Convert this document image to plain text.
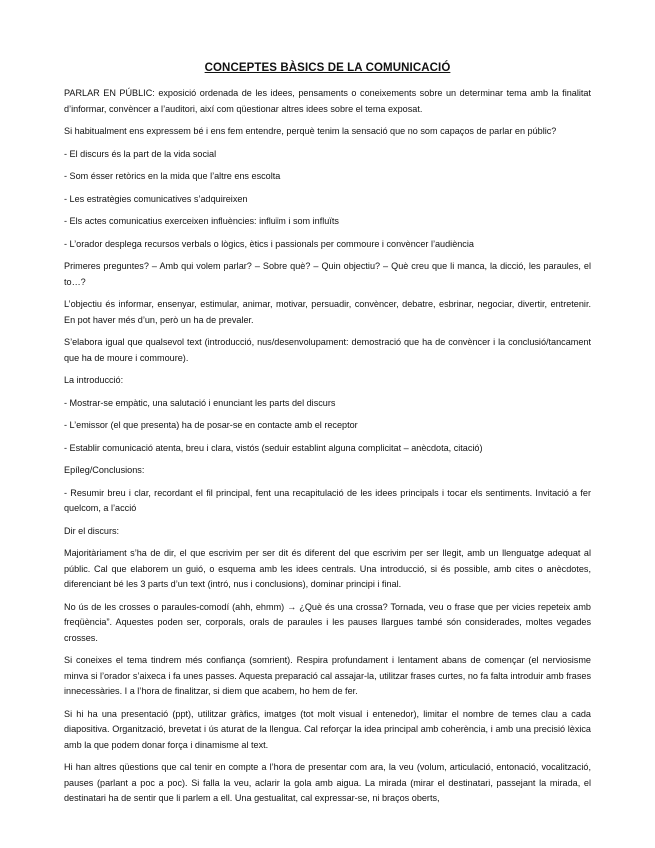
CONCEPTES BÀSICS DE LA COMUNICACIÓ
PARLAR EN PÚBLIC: exposició ordenada de les idees, pensaments o coneixements sobre un determinar tema amb la finalitat d’informar, convèncer a l’auditori, així com qüestionar altres idees sobre el tema exposat.
Si habitualment ens expressem bé i ens fem entendre, perquè tenim la sensació que no som capaços de parlar en públic?
- El discurs és la part de la vida social
- Som ésser retòrics en la mida que l’altre ens escolta
- Les estratègies comunicatives s’adquireixen
- Els actes comunicatius exerceixen influències: influïm i som influïts
- L’orador desplega recursos verbals o lògics, ètics i passionals per commoure i convèncer l’audiència
Primeres preguntes? – Amb qui volem parlar? – Sobre què? – Quin objectiu? – Què creu que li manca, la dicció, les paraules, el to…?
L’objectiu és informar, ensenyar, estimular, animar, motivar, persuadir, convèncer, debatre, esbrinar, negociar, divertir, entretenir. En pot haver més d’un, però un ha de prevaler.
S’elabora igual que qualsevol text (introducció, nus/desenvolupament: demostració que ha de convèncer i la conclusió/tancament que ha de moure i commoure).
La introducció:
- Mostrar-se empàtic, una salutació i enunciant les parts del discurs
- L’emissor (el que presenta) ha de posar-se en contacte amb el receptor
- Establir comunicació atenta, breu i clara, vistós (seduir establint alguna complicitat – anècdota, citació)
Epíleg/Conclusions:
- Resumir breu i clar, recordant el fil principal, fent una recapitulació de les idees principals i tocar els sentiments. Invitació a fer quelcom, a l’acció
Dir el discurs:
Majoritàriament s’ha de dir, el que escrivim per ser dit és diferent del que escrivim per ser llegit, amb un llenguatge adequat al públic. Cal que elaborem un guió, o esquema amb les idees centrals. Una introducció, si és possible, amb cites o anècdotes, diferenciant bé les 3 parts d’un text (intró, nus i conclusions), dominar principi i final.
No ús de les crosses o paraules-comodí (ahh, ehmm) → ¿Què és una crossa? Tornada, veu o frase que per vicies repeteix amb freqüència”. Aquestes poden ser, corporals, orals de paraules i les pauses llargues també són considerades, moltes vegades crosses.
Si coneixes el tema tindrem més confiança (somrient). Respira profundament i lentament abans de començar (el nerviosisme minva si l’orador s’aixeca i fa unes passes. Aquesta preparació cal assajar-la, utilitzar frases curtes, no fa falta introduir amb frases innecessàries. I a l’hora de finalitzar, si diem que acabem, ho hem de fer.
Si hi ha una presentació (ppt), utilitzar gràfics, imatges (tot molt visual i entenedor), limitar el nombre de temes clau a cada diapositiva. Organització, brevetat i ús aturat de la llengua. Cal reforçar la idea principal amb coherència, i amb una precisió lèxica amb la que podem donar força i dinamisme al text.
Hi han altres qüestions que cal tenir en compte a l’hora de presentar com ara, la veu (volum, articulació, entonació, vocalització, pauses (parlant a poc a poc). Si falla la veu, aclarir la gola amb aigua. La mirada (mirar el destinatari, passejant la mirada, el destinatari ha de sentir que li parlem a ell. Una gestualitat, cal expressar-se, ni braços oberts,
